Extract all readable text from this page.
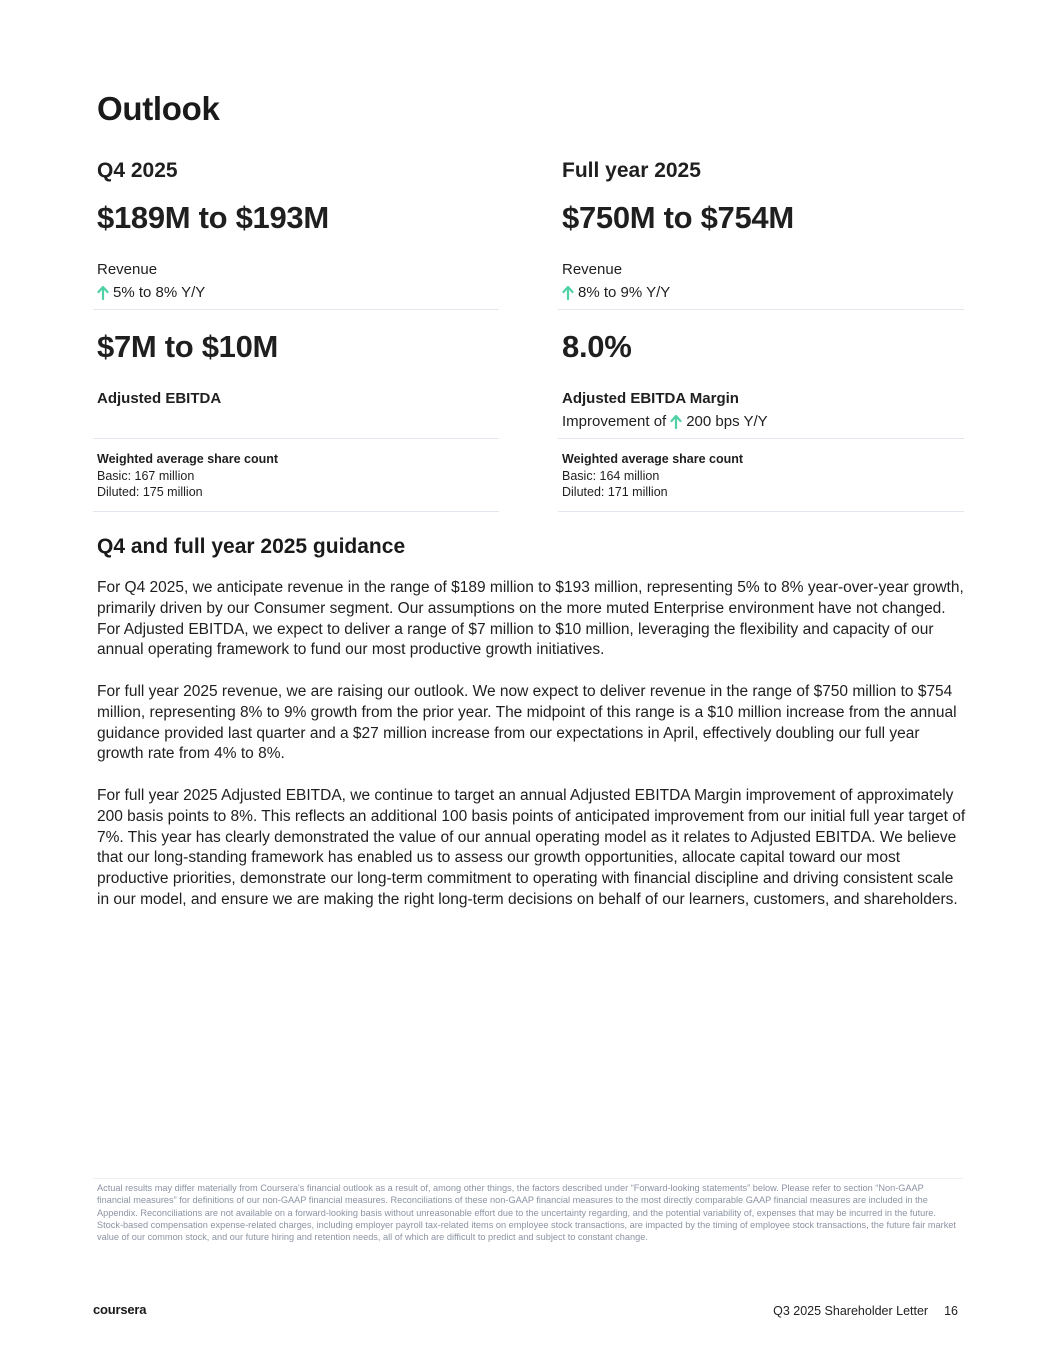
Outlook
Q4 2025
$189M to $193M
Revenue
5% to 8% Y/Y
$7M to $10M
Adjusted EBITDA
Weighted average share count
Basic: 167 million
Diluted: 175 million
Full year 2025
$750M to $754M
Revenue
8% to 9% Y/Y
8.0%
Adjusted EBITDA Margin
Improvement of 200 bps Y/Y
Weighted average share count
Basic: 164 million
Diluted: 171 million
Q4 and full year 2025 guidance

For Q4 2025, we anticipate revenue in the range of $189 million to $193 million, representing 5% to 8% year-over-year growth, primarily driven by our Consumer segment. Our assumptions on the more muted Enterprise environment have not changed. For Adjusted EBITDA, we expect to deliver a range of $7 million to $10 million, leveraging the flexibility and capacity of our annual operating framework to fund our most productive growth initiatives.

For full year 2025 revenue, we are raising our outlook. We now expect to deliver revenue in the range of $750 million to $754 million, representing 8% to 9% growth from the prior year. The midpoint of this range is a $10 million increase from the annual guidance provided last quarter and a $27 million increase from our expectations in April, effectively doubling our full year growth rate from 4% to 8%.

For full year 2025 Adjusted EBITDA, we continue to target an annual Adjusted EBITDA Margin improvement of approximately 200 basis points to 8%. This reflects an additional 100 basis points of anticipated improvement from our initial full year target of 7%. This year has clearly demonstrated the value of our annual operating model as it relates to Adjusted EBITDA. We believe that our long-standing framework has enabled us to assess our growth opportunities, allocate capital toward our most productive priorities, demonstrate our long-term commitment to operating with financial discipline and driving consistent scale in our model, and ensure we are making the right long-term decisions on behalf of our learners, customers, and shareholders.

Actual results may differ materially from Coursera's financial outlook as a result of, among other things, the factors described under “Forward-looking statements” below. Please refer to section “Non-GAAP financial measures” for definitions of our non-GAAP financial measures. Reconciliations of these non-GAAP financial measures to the most directly comparable GAAP financial measures are included in the Appendix. Reconciliations are not available on a forward-looking basis without unreasonable effort due to the uncertainty regarding, and the potential variability of, expenses that may be incurred in the future. Stock-based compensation expense-related charges, including employer payroll tax-related items on employee stock transactions, are impacted by the timing of employee stock transactions, the future fair market value of our common stock, and our future hiring and retention needs, all of which are difficult to predict and subject to constant change.
coursera	Q3 2025 Shareholder Letter 16
